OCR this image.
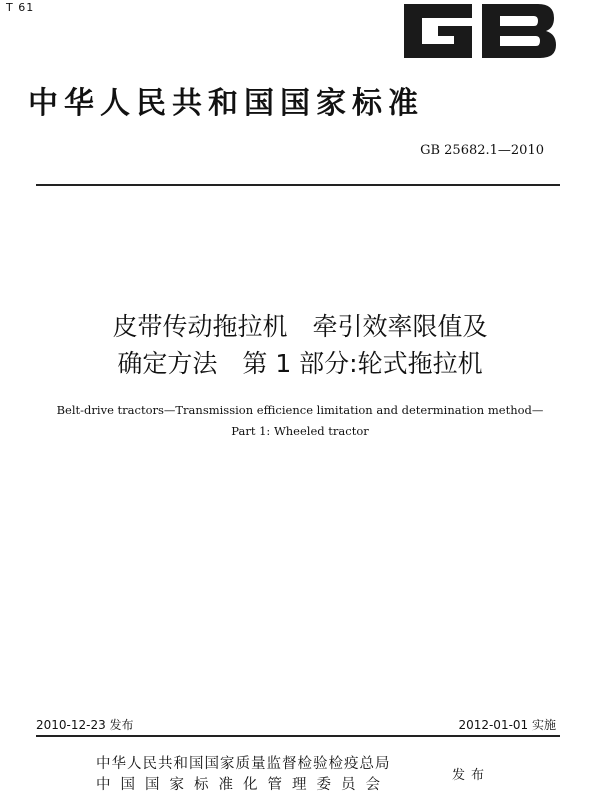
T 61
GB
中华人民共和国国家标准
GB 25682.1—2010
皮带传动拖拉机　牵引效率限值及
确定方法　第 1 部分:轮式拖拉机
Belt-drive tractors—Transmission efficience limitation and determination method—
Part 1: Wheeled tractor
2010-12-23 发布	2012-01-01 实施
中华人民共和国国家质量监督检验检疫总局
中国国家标准化管理委员会
发布
